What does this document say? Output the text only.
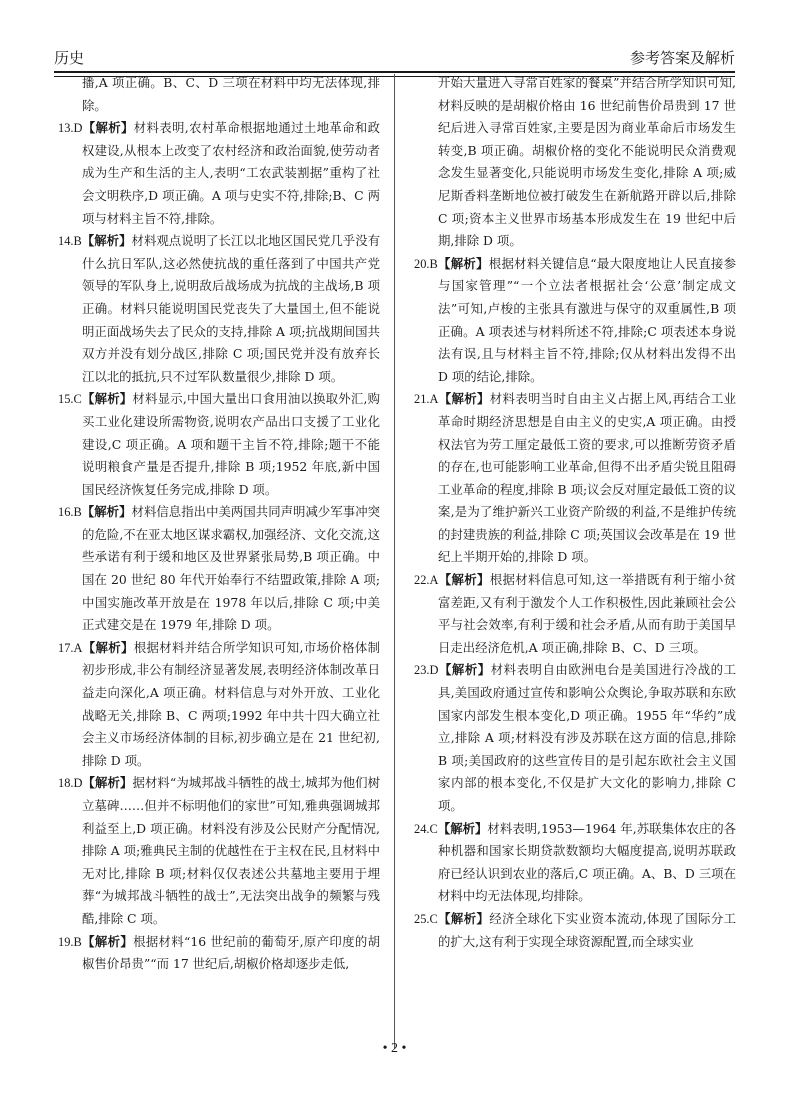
历史	参考答案及解析

播,A 项正确。B、C、D 三项在材料中均无法体现,排除。

13.D【解析】材料表明,农村革命根据地通过土地革命和政权建设,从根本上改变了农村经济和政治面貌,使劳动者成为生产和生活的主人,表明“工农武装割据”重构了社会文明秩序,D 项正确。A 项与史实不符,排除;B、C 两项与材料主旨不符,排除。

14.B【解析】材料观点说明了长江以北地区国民党几乎没有什么抗日军队,这必然使抗战的重任落到了中国共产党领导的军队身上,说明敌后战场成为抗战的主战场,B 项正确。材料只能说明国民党丧失了大量国土,但不能说明正面战场失去了民众的支持,排除 A 项;抗战期间国共双方并没有划分战区,排除 C 项;国民党并没有放弃长江以北的抵抗,只不过军队数量很少,排除 D 项。

15.C【解析】材料显示,中国大量出口食用油以换取外汇,购买工业化建设所需物资,说明农产品出口支援了工业化建设,C 项正确。A 项和题干主旨不符,排除;题干不能说明粮食产量是否提升,排除 B 项;1952 年底,新中国国民经济恢复任务完成,排除 D 项。

16.B【解析】材料信息指出中美两国共同声明减少军事冲突的危险,不在亚太地区谋求霸权,加强经济、文化交流,这些承诺有利于缓和地区及世界紧张局势,B 项正确。中国在 20 世纪 80 年代开始奉行不结盟政策,排除 A 项;中国实施改革开放是在 1978 年以后,排除 C 项;中美正式建交是在 1979 年,排除 D 项。

17.A【解析】根据材料并结合所学知识可知,市场价格体制初步形成,非公有制经济显著发展,表明经济体制改革日益走向深化,A 项正确。材料信息与对外开放、工业化战略无关,排除 B、C 两项;1992 年中共十四大确立社会主义市场经济体制的目标,初步确立是在 21 世纪初,排除 D 项。

18.D【解析】据材料“为城邦战斗牺牲的战士,城邦为他们树立墓碑……但并不标明他们的家世”可知,雅典强调城邦利益至上,D 项正确。材料没有涉及公民财产分配情况,排除 A 项;雅典民主制的优越性在于主权在民,且材料中无对比,排除 B 项;材料仅仅表述公共墓地主要用于埋葬“为城邦战斗牺牲的战士”,无法突出战争的频繁与残酷,排除 C 项。

19.B【解析】根据材料“16 世纪前的葡萄牙,原产印度的胡椒售价昂贵”“而 17 世纪后,胡椒价格却逐步走低,

开始大量进入寻常百姓家的餐桌”并结合所学知识可知,材料反映的是胡椒价格由 16 世纪前售价昂贵到 17 世纪后进入寻常百姓家,主要是因为商业革命后市场发生转变,B 项正确。胡椒价格的变化不能说明民众消费观念发生显著变化,只能说明市场发生变化,排除 A 项;威尼斯香料垄断地位被打破发生在新航路开辟以后,排除 C 项;资本主义世界市场基本形成发生在 19 世纪中后期,排除 D 项。

20.B【解析】根据材料关键信息“最大限度地让人民直接参与国家管理”“一个立法者根据社会‘公意’制定成文法”可知,卢梭的主张具有激进与保守的双重属性,B 项正确。A 项表述与材料所述不符,排除;C 项表述本身说法有误,且与材料主旨不符,排除;仅从材料出发得不出 D 项的结论,排除。

21.A【解析】材料表明当时自由主义占据上风,再结合工业革命时期经济思想是自由主义的史实,A 项正确。由授权法官为劳工厘定最低工资的要求,可以推断劳资矛盾的存在,也可能影响工业革命,但得不出矛盾尖锐且阻碍工业革命的程度,排除 B 项;议会反对厘定最低工资的议案,是为了维护新兴工业资产阶级的利益,不是维护传统的封建贵族的利益,排除 C 项;英国议会改革是在 19 世纪上半期开始的,排除 D 项。

22.A【解析】根据材料信息可知,这一举措既有利于缩小贫富差距,又有利于激发个人工作积极性,因此兼顾社会公平与社会效率,有利于缓和社会矛盾,从而有助于美国早日走出经济危机,A 项正确,排除 B、C、D 三项。

23.D【解析】材料表明自由欧洲电台是美国进行冷战的工具,美国政府通过宣传和影响公众舆论,争取苏联和东欧国家内部发生根本变化,D 项正确。1955 年“华约”成立,排除 A 项;材料没有涉及苏联在这方面的信息,排除 B 项;美国政府的这些宣传目的是引起东欧社会主义国家内部的根本变化,不仅是扩大文化的影响力,排除 C 项。

24.C【解析】材料表明,1953—1964 年,苏联集体农庄的各种机器和国家长期贷款数额均大幅度提高,说明苏联政府已经认识到农业的落后,C 项正确。A、B、D 三项在材料中均无法体现,均排除。

25.C【解析】经济全球化下实业资本流动,体现了国际分工的扩大,这有利于实现全球资源配置,而全球实业

• 2 •
